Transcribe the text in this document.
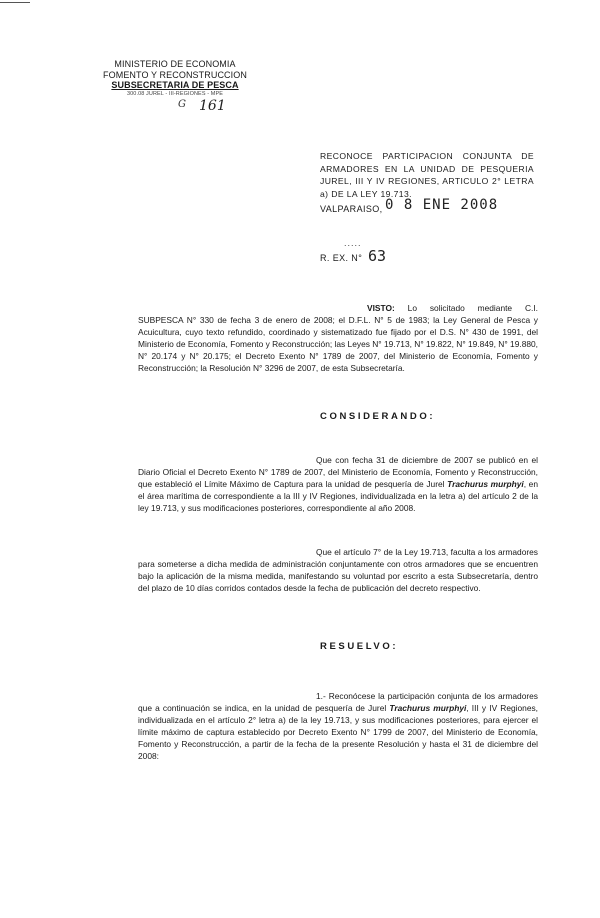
MINISTERIO DE ECONOMIA
FOMENTO Y RECONSTRUCCION
SUBSECRETARIA DE PESCA
300.08 JUREL - III-REGIONES - MPE
G 161
RECONOCE PARTICIPACION CONJUNTA DE ARMADORES EN LA UNIDAD DE PESQUERIA JUREL, III Y IV REGIONES, ARTICULO 2° LETRA a) DE LA LEY 19.713.
VALPARAISO, 0 8 ENE 2008
.....
R. EX. N° 63
VISTO: Lo solicitado mediante C.I. SUBPESCA N° 330 de fecha 3 de enero de 2008; el D.F.L. N° 5 de 1983; la Ley General de Pesca y Acuicultura, cuyo texto refundido, coordinado y sistematizado fue fijado por el D.S. N° 430 de 1991, del Ministerio de Economía, Fomento y Reconstrucción; las Leyes N° 19.713, N° 19.822, N° 19.849, N° 19.880, N° 20.174 y N° 20.175; el Decreto Exento N° 1789 de 2007, del Ministerio de Economía, Fomento y Reconstrucción; la Resolución N° 3296 de 2007, de esta Subsecretaría.
CONSIDERANDO:
Que con fecha 31 de diciembre de 2007 se publicó en el Diario Oficial el Decreto Exento N° 1789 de 2007, del Ministerio de Economía, Fomento y Reconstrucción, que estableció el Límite Máximo de Captura para la unidad de pesquería de Jurel Trachurus murphyi, en el área marítima de correspondiente a la III y IV Regiones, individualizada en la letra a) del artículo 2 de la ley 19.713, y sus modificaciones posteriores, correspondiente al año 2008.
Que el artículo 7° de la Ley 19.713, faculta a los armadores para someterse a dicha medida de administración conjuntamente con otros armadores que se encuentren bajo la aplicación de la misma medida, manifestando su voluntad por escrito a esta Subsecretaría, dentro del plazo de 10 días corridos contados desde la fecha de publicación del decreto respectivo.
RESUELVO:
1.- Reconócese la participación conjunta de los armadores que a continuación se indica, en la unidad de pesquería de Jurel Trachurus murphyi, III y IV Regiones, individualizada en el artículo 2° letra a) de la ley 19.713, y sus modificaciones posteriores, para ejercer el límite máximo de captura establecido por Decreto Exento N° 1799 de 2007, del Ministerio de Economía, Fomento y Reconstrucción, a partir de la fecha de la presente Resolución y hasta el 31 de diciembre del 2008:
